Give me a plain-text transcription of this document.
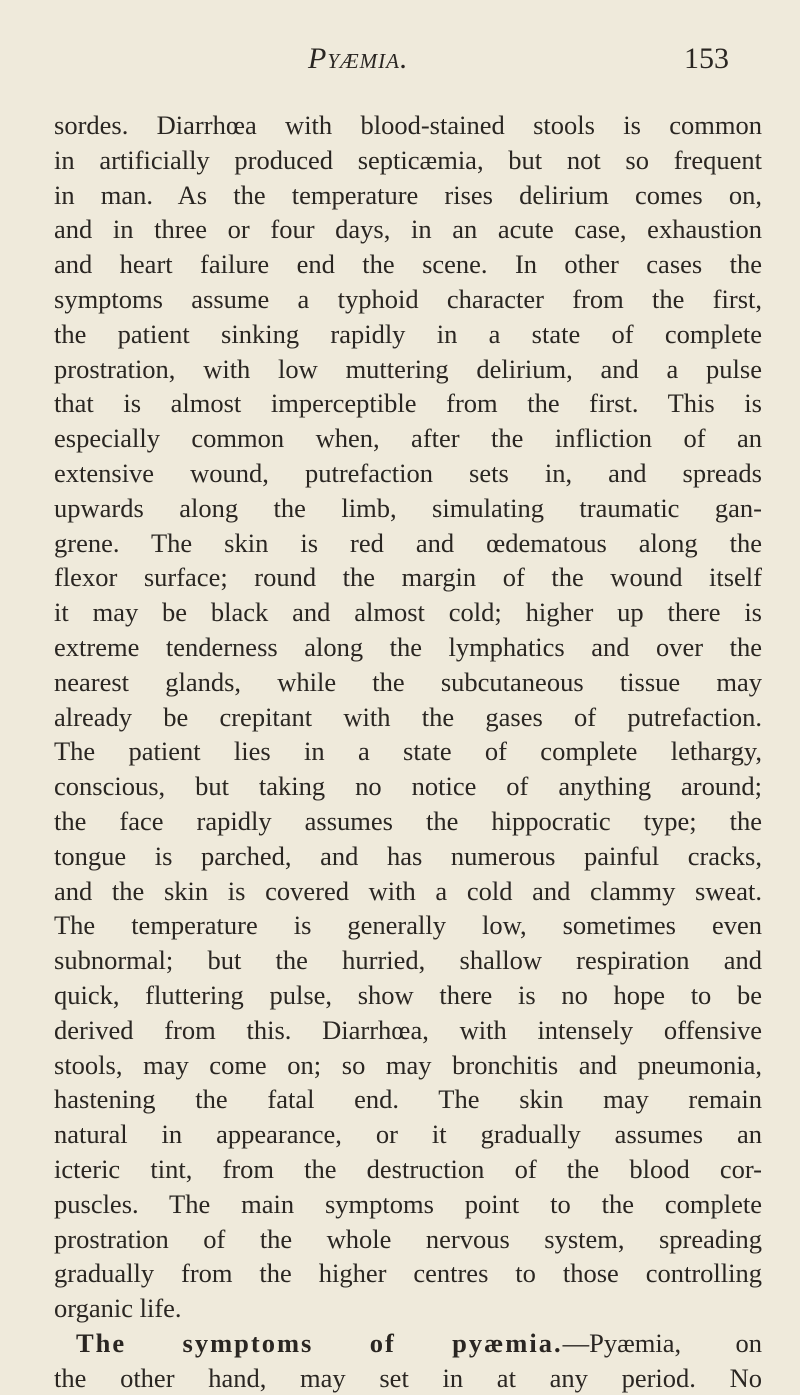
Pyæmia.	153
sordes. Diarrhœa with blood-stained stools is common
in artificially produced septicæmia, but not so frequent
in man. As the temperature rises delirium comes on,
and in three or four days, in an acute case, exhaustion
and heart failure end the scene. In other cases the
symptoms assume a typhoid character from the first,
the patient sinking rapidly in a state of complete
prostration, with low muttering delirium, and a pulse
that is almost imperceptible from the first. This is
especially common when, after the infliction of an
extensive wound, putrefaction sets in, and spreads
upwards along the limb, simulating traumatic gan-
grene. The skin is red and œdematous along the
flexor surface; round the margin of the wound itself
it may be black and almost cold; higher up there is
extreme tenderness along the lymphatics and over the
nearest glands, while the subcutaneous tissue may
already be crepitant with the gases of putrefaction.
The patient lies in a state of complete lethargy,
conscious, but taking no notice of anything around;
the face rapidly assumes the hippocratic type; the
tongue is parched, and has numerous painful cracks,
and the skin is covered with a cold and clammy sweat.
The temperature is generally low, sometimes even
subnormal; but the hurried, shallow respiration and
quick, fluttering pulse, show there is no hope to be
derived from this. Diarrhœa, with intensely offensive
stools, may come on; so may bronchitis and pneumonia,
hastening the fatal end. The skin may remain
natural in appearance, or it gradually assumes an
icteric tint, from the destruction of the blood cor-
puscles. The main symptoms point to the complete
prostration of the whole nervous system, spreading
gradually from the higher centres to those controlling
organic life.
The symptoms of pyæmia.—Pyæmia, on
the other hand, may set in at any period. No
